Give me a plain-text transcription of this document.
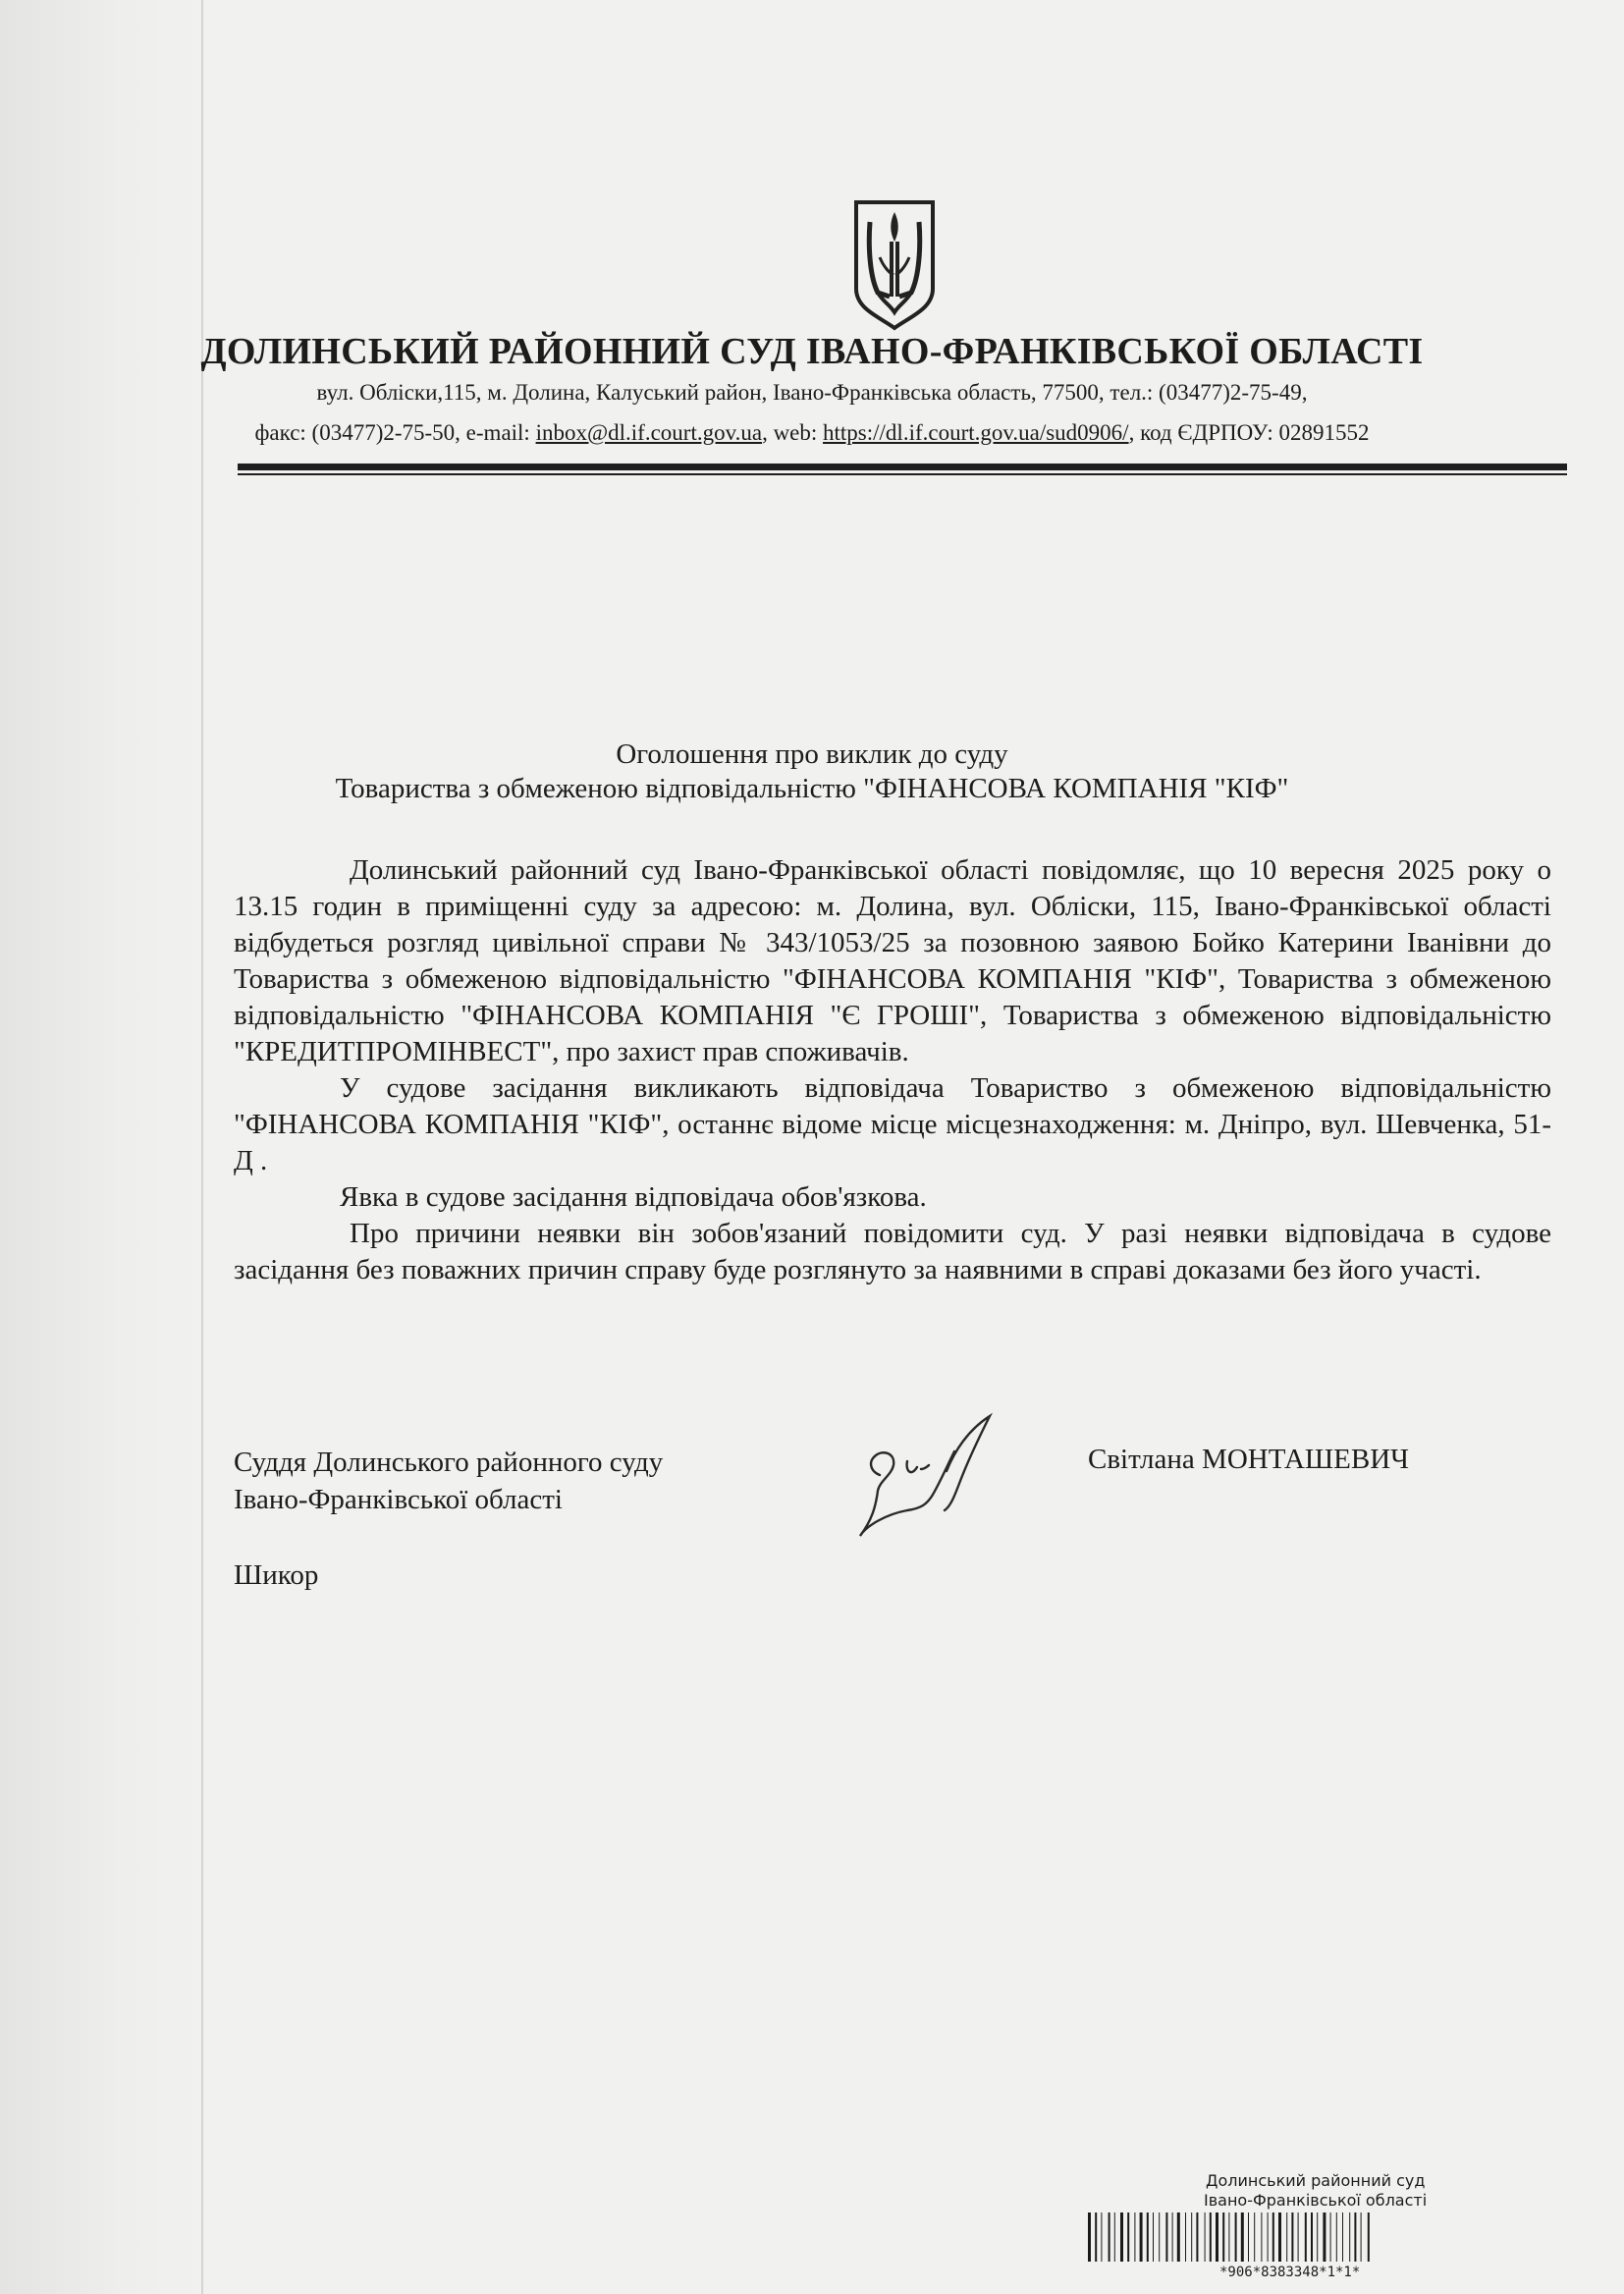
ДОЛИНСЬКИЙ РАЙОННИЙ СУД ІВАНО-ФРАНКІВСЬКОЇ ОБЛАСТІ
вул. Обліски,115, м. Долина, Калуський район, Івано-Франківська область, 77500, тел.: (03477)2-75-49,
факс: (03477)2-75-50, e-mail: inbox@dl.if.court.gov.ua, web: https://dl.if.court.gov.ua/sud0906/, код ЄДРПОУ: 02891552
Оголошення про виклик до суду
Товариства з обмеженою відповідальністю "ФІНАНСОВА КОМПАНІЯ "КІФ"

Долинський районний суд Івано-Франківської області повідомляє, що 10 вересня 2025 року о 13.15 годин в приміщенні суду за адресою: м. Долина, вул. Обліски, 115, Івано-Франківської області відбудеться розгляд цивільної справи № 343/1053/25 за позовною заявою Бойко Катерини Іванівни до Товариства з обмеженою відповідальністю "ФІНАНСОВА КОМПАНІЯ "КІФ", Товариства з обмеженою відповідальністю "ФІНАНСОВА КОМПАНІЯ "Є ГРОШІ", Товариства з обмеженою відповідальністю "КРЕДИТПРОМІНВЕСТ", про захист прав споживачів.

У судове засідання викликають відповідача Товариство з обмеженою відповідальністю "ФІНАНСОВА КОМПАНІЯ "КІФ", останнє відоме місце місцезнаходження: м. Дніпро, вул. Шевченка, 51-Д .

Явка в судове засідання відповідача обов'язкова.

Про причини неявки він зобов'язаний повідомити суд. У разі неявки відповідача в судове засідання без поважних причин справу буде розглянуто за наявними в справі доказами без його участі.

Суддя Долинського районного суду
Івано-Франківської області
Світлана МОНТАШЕВИЧ
Шикор
Долинський районний суд
Івано-Франківської області
*906*8383348*1*1*
